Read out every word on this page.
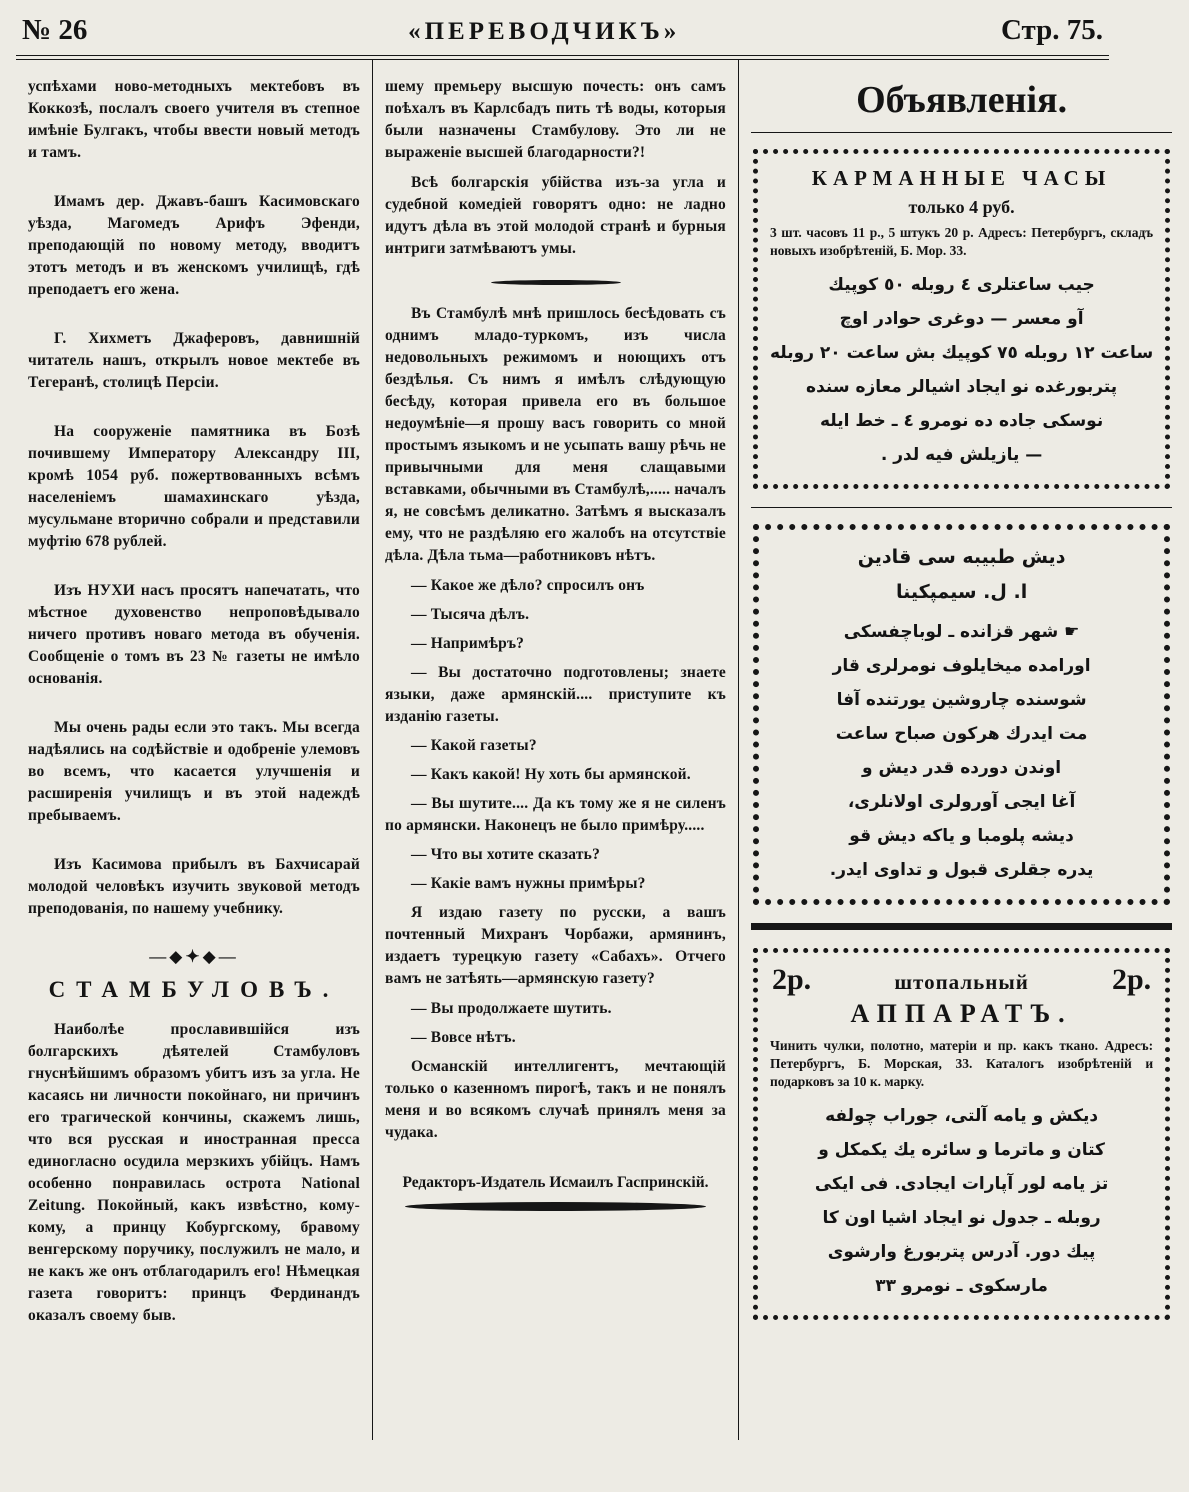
№ 26	«ПЕРЕВОДЧИКЪ»	Стр. 75.

успѣхами ново-методныхъ мектебовъ въ Коккозѣ, послалъ своего учителя въ степное имѣніе Булгакъ, чтобы ввести новый методъ и тамъ.

Имамъ дер. Джавъ-башъ Касимовскаго уѣзда, Магомедъ Арифъ Эфенди, преподающій по новому методу, вводитъ этотъ методъ и въ женскомъ училищѣ, гдѣ преподаетъ его жена.

Г. Хихметъ Джаферовъ, давнишній читатель нашъ, открылъ новое мектебе въ Тегеранѣ, столицѣ Персіи.

На сооруженіе памятника въ Бозѣ почившему Императору Александру III, кромѣ 1054 руб. пожертвованныхъ всѣмъ населеніемъ шамахинскаго уѣзда, мусульмане вторично собрали и представили муфтію 678 рублей.

Изъ НУХИ насъ просятъ напечатать, что мѣстное духовенство непроповѣдывало ничего противъ новаго метода въ обученія. Сообщеніе о томъ въ 23 № газеты не имѣло основанія.

Мы очень рады если это такъ. Мы всегда надѣялись на содѣйствіе и одобреніе улемовъ во всемъ, что касается улучшенія и расширенія училищъ и въ этой надеждѣ пребываемъ.

Изъ Касимова прибылъ въ Бахчисарай молодой человѣкъ изучить звуковой методъ преподованія, по нашему учебнику.

—◆✦◆—
СТАМБУЛОВЪ.

Наиболѣе прославившійся изъ болгарскихъ дѣятелей Стамбуловъ гнуснѣйшимъ образомъ убитъ изъ за угла. Не касаясь ни личности покойнаго, ни причинъ его трагической кончины, скажемъ лишь, что вся русская и иностранная пресса единогласно осудила мерзкихъ убійцъ. Намъ особенно понравилась острота National Zeitung. Покойный, какъ извѣстно, кому-кому, а принцу Кобургскому, бравому венгерскому поручику, послужилъ не мало, и не какъ же онъ отблагодарилъ его! Нѣмецкая газета говоритъ: принцъ Фердинандъ оказалъ своему быв.

шему премьеру высшую почесть: онъ самъ поѣхалъ въ Карлсбадъ пить тѣ воды, которыя были назначены Стамбулову. Это ли не выраженіе высшей благодарности?!

Всѣ болгарскія убійства изъ-за угла и судебной комедіей говорятъ одно: не ладно идутъ дѣла въ этой молодой странѣ и бурныя интриги затмѣваютъ умы.

Въ Стамбулѣ мнѣ пришлось бесѣдовать съ однимъ младо-туркомъ, изъ числа недовольныхъ режимомъ и ноющихъ отъ бездѣлья. Съ нимъ я имѣлъ слѣдующую бесѣду, которая привела его въ большое недоумѣніе—я прошу васъ говорить со мной простымъ языкомъ и не усыпать вашу рѣчь не привычными для меня слащавыми вставками, обычными въ Стамбулѣ,..... началъ я, не совсѣмъ деликатно. Затѣмъ я высказалъ ему, что не раздѣляю его жалобъ на отсутствіе дѣла. Дѣла тьма—работниковъ нѣтъ.

— Какое же дѣло? спросилъ онъ

— Тысяча дѣлъ.

— Напримѣръ?

— Вы достаточно подготовлены; знаете языки, даже армянскій.... приступите къ изданію газеты.

— Какой газеты?

— Какъ какой! Ну хоть бы армянской.

— Вы шутите.... Да къ тому же я не силенъ по армянски. Наконецъ не было примѣру.....

— Что вы хотите сказать?

— Какіе вамъ нужны примѣры?

Я издаю газету по русски, а вашъ почтенный Михранъ Чорбажи, армянинъ, издаетъ турецкую газету «Сабахъ». Отчего вамъ не затѣять—армянскую газету?

— Вы продолжаете шутить.

— Вовсе нѣтъ.

Османскій интеллигентъ, мечтающій только о казенномъ пирогѣ, такъ и не понялъ меня и во всякомъ случаѣ принялъ меня за чудака.

Редакторъ-Издатель Исмаилъ Гаспринскій.
Объявленія.
КАРМАННЫЕ ЧАСЫ
только 4 руб.
3 шт. часовъ 11 р., 5 штукъ 20 р. Адресъ: Петербургъ, складъ новыхъ изобрѣтеній, Б. Мор. 33.
جيب ساعتلرى ٤ روبله ٥٠ كوپيك
آو معسر — دوغرى حوادر اوچ
ساعت ١٢ روبله ٧٥ كوپيك بش ساعت ٢٠ روبله
پتربورغده نو ايجاد اشيالر معازه سنده
نوسكى جاده ده نومرو ٤ ـ خط ايله
— يازيلش فيه لدر .
ديش طبيبه سى قادين
ا. ل. سيمپكينا
☛ شهر قزانده ـ لوباچفسكى
اورامده ميخايلوف نومرلرى قار
شوسنده چاروشين يورتنده آفا
مت ايدرك هركون صباح ساعت
اوندن دورده قدر ديش و
آغا ايجى آورولرى اولانلرى،
ديشه پلومبا و ياكه ديش قو
يدره جقلرى قبول و تداوى ايدر.
2р.	штопальный	2р.
АППАРАТЪ.
Чинить чулки, полотно, матеріи и пр. какъ ткано. Адресъ: Петербургъ, Б. Морская, 33. Каталогъ изобрѣтеній и подарковъ за 10 к. марку.
ديكش و يامه آلتى، جوراب چولفه
كتان و ماترما و سائره يك يكمكل و
تز يامه لور آپارات ايجادى. فى ايكى
روبله ـ جدول نو ايجاد اشيا اون كا
پيك دور. آدرس پتربورغ وارشوى
مارسكوى ـ نومرو ٣٣
